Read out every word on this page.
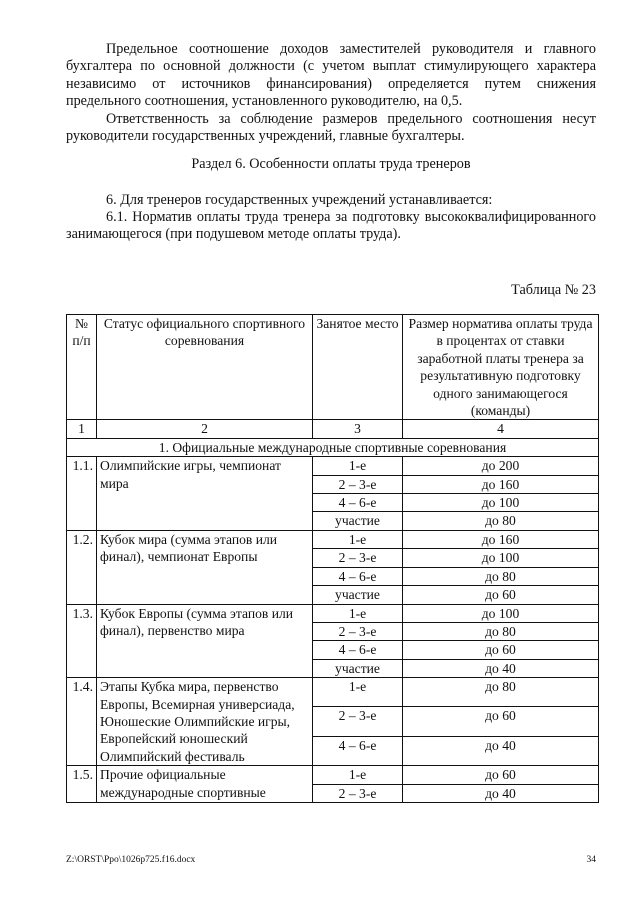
Предельное соотношение доходов заместителей руководителя и главного бухгалтера по основной должности (с учетом выплат стимулирующего характера независимо от источников финансирования) определяется путем снижения предельного соотношения, установленного руководителю, на 0,5.

Ответственность за соблюдение размеров предельного соотношения несут руководители государственных учреждений, главные бухгалтеры.

Раздел 6. Особенности оплаты труда тренеров

6. Для тренеров государственных учреждений устанавливается:

6.1. Норматив оплаты труда тренера за подготовку высококвалифицированного занимающегося (при подушевом методе оплаты труда).

Таблица № 23

№ п/п	Статус официального спортивного соревнования	Занятое место	Размер норматива оплаты труда в процентах от ставки заработной платы тренера за результативную подготовку одного занимающегося (команды)
1	2	3	4
1. Официальные международные спортивные соревнования			
1.1.	Олимпийские игры, чемпионат мира	1-е	до 200
		2 – 3-е	до 160
		4 – 6-е	до 100
		участие	до 80
1.2.	Кубок мира (сумма этапов или финал), чемпионат Европы	1-е	до 160
		2 – 3-е	до 100
		4 – 6-е	до 80
		участие	до 60
1.3.	Кубок Европы (сумма этапов или финал), первенство мира	1-е	до 100
		2 – 3-е	до 80
		4 – 6-е	до 60
		участие	до 40
1.4.	Этапы Кубка мира, первенство Европы, Всемирная универсиада, Юношеские Олимпийские игры, Европейский юношеский Олимпийский фестиваль	1-е	до 80
		2 – 3-е	до 60
		4 – 6-е	до 40
1.5.	Прочие официальные международные спортивные	1-е	до 60
		2 – 3-е	до 40
Z:\ORST\Ppo\1026p725.f16.docx	34
